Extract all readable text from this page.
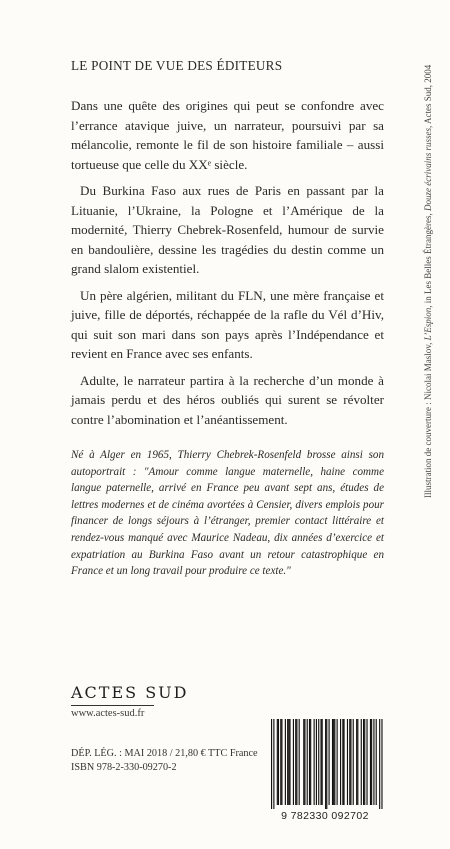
LE POINT DE VUE DES ÉDITEURS

Dans une quête des origines qui peut se confondre avec l’errance atavique juive, un narrateur, poursuivi par sa mélancolie, remonte le fil de son histoire familiale – aussi tortueuse que celle du XXᵉ siècle.

Du Burkina Faso aux rues de Paris en passant par la Lituanie, l’Ukraine, la Pologne et l’Amérique de la modernité, Thierry Chebrek-Rosenfeld, humour de survie en bandoulière, dessine les tragédies du destin comme un grand slalom existentiel.

Un père algérien, militant du FLN, une mère française et juive, fille de déportés, réchappée de la rafle du Vél d’Hiv, qui suit son mari dans son pays après l’Indépendance et revient en France avec ses enfants.

Adulte, le narrateur partira à la recherche d’un monde à jamais perdu et des héros oubliés qui surent se révolter contre l’abomination et l’anéantissement.

Né à Alger en 1965, Thierry Chebrek-Rosenfeld brosse ainsi son autoportrait : "Amour comme langue maternelle, haine comme langue paternelle, arrivé en France peu avant sept ans, études de lettres modernes et de cinéma avortées à Censier, divers emplois pour financer de longs séjours à l’étranger, premier contact littéraire et rendez-vous manqué avec Maurice Nadeau, dix années d’exercice et expatriation au Burkina Faso avant un retour catastrophique en France et un long travail pour produire ce texte."

ACTES SUD
www.actes-sud.fr
DÉP. LÉG. : MAI 2018 / 21,80 € TTC France
ISBN 978-2-330-09270-2
9 782330 092702
Illustration de couverture : Nicolai Maslov, L’Espion, in Les Belles Étrangères, Douze écrivains russes, Actes Sud, 2004
